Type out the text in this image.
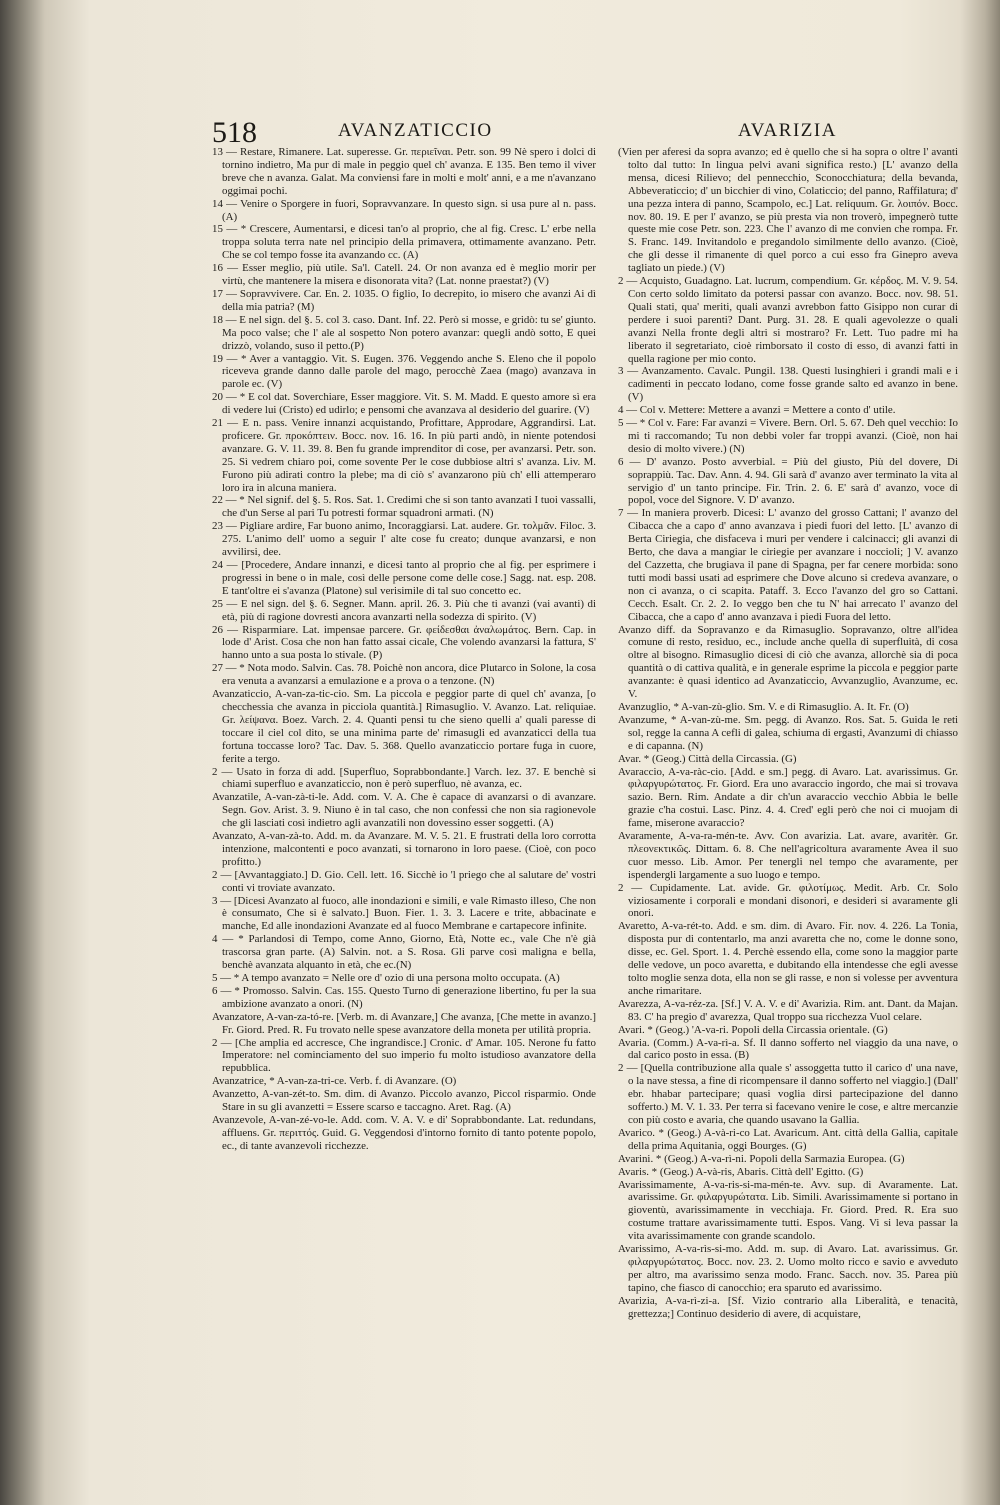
518	AVANZATICCIO	AVARIZIA

13 — Restare, Rimanere. Lat. superesse. Gr. περιεῖναι. Petr. son. 99 Nè spero i dolci di tornino indietro, Ma pur di male in peggio quel ch' avanza. E 135. Ben temo il viver breve che n avanza. Galat. Ma conviensi fare in molti e molt' anni, e a me n'avanzano oggimai pochi.

14 — Venire o Sporgere in fuori, Sopravvanzare. In questo sign. si usa pure al n. pass. (A)

15 — * Crescere, Aumentarsi, e dicesi tan'o al proprio, che al fig. Cresc. L' erbe nella troppa soluta terra nate nel principio della primavera, ottimamente avanzano. Petr. Che se col tempo fosse ita avanzando cc. (A)

16 — Esser meglio, più utile. Sa'l. Catell. 24. Or non avanza ed è meglio morir per virtù, che mantenere la misera e disonorata vita? (Lat. nonne praestat?) (V)

17 — Sopravvivere. Car. En. 2. 1035. O figlio, Io decrepito, io misero che avanzi Ai dì della mia patria? (M)

18 — E nel sign. del §. 5. col 3. caso. Dant. Inf. 22. Però si mosse, e gridò: tu se' giunto. Ma poco valse; che l' ale al sospetto Non potero avanzar: quegli andò sotto, E quei drizzò, volando, suso il petto.(P)

19 — * Aver a vantaggio. Vit. S. Eugen. 376. Veggendo anche S. Eleno che il popolo riceveva grande danno dalle parole del mago, perocchè Zaea (mago) avanzava in parole ec. (V)

20 — * E col dat. Soverchiare, Esser maggiore. Vit. S. M. Madd. E questo amore sì era di vedere lui (Cristo) ed udirlo; e pensomi che avanzava al desiderio del guarire. (V)

21 — E n. pass. Venire innanzi acquistando, Profittare, Approdare, Aggrandirsi. Lat. proficere. Gr. προκόπτειν. Bocc. nov. 16. 16. In più parti andò, in niente potendosi avanzare. G. V. 11. 39. 8. Ben fu grande imprenditor di cose, per avanzarsi. Petr. son. 25. Sì vedrem chiaro poi, come sovente Per le cose dubbiose altri s' avanza. Liv. M. Furono più adirati contro la plebe; ma di ciò s' avanzarono più ch' elli attemperaro loro ira in alcuna maniera.

22 — * Nel signif. del §. 5. Ros. Sat. 1. Credimi che si son tanto avanzati I tuoi vassalli, che d'un Serse al pari Tu potresti formar squadroni armati. (N)

23 — Pigliare ardire, Far buono animo, Incoraggiarsi. Lat. audere. Gr. τολμᾶν. Filoc. 3. 275. L'animo dell' uomo a seguir l' alte cose fu creato; dunque avanzarsi, e non avvilirsi, dee.

24 — [Procedere, Andare innanzi, e dicesi tanto al proprio che al fig. per esprimere i progressi in bene o in male, così delle persone come delle cose.] Sagg. nat. esp. 208. E tant'oltre ei s'avanza (Platone) sul verisimile di tal suo concetto ec.

25 — E nel sign. del §. 6. Segner. Mann. april. 26. 3. Più che ti avanzi (vai avanti) di età, più di ragione dovresti ancora avanzarti nella sodezza di spirito. (V)

26 — Risparmiare. Lat. impensae parcere. Gr. φείδεσθαι ἀναλωμάτος. Bern. Cap. in lode d' Arist. Cosa che non han fatto assai cicale, Che volendo avanzarsi la fattura, S' hanno unto a sua posta lo stivale. (P)

27 — * Nota modo. Salvin. Cas. 78. Poichè non ancora, dice Plutarco in Solone, la cosa era venuta a avanzarsi a emulazione e a prova o a tenzone. (N)

Avanzaticcio, A-van-za-tic-cio. Sm. La piccola e peggior parte di quel ch' avanza, [o checchessia che avanza in picciola quantità.] Rimasuglio. V. Avanzo. Lat. reliquiae. Gr. λείψανα. Boez. Varch. 2. 4. Quanti pensi tu che sieno quelli a' quali paresse di toccare il ciel col dito, se una minima parte de' rimasugli ed avanzaticci della tua fortuna toccasse loro? Tac. Dav. 5. 368. Quello avanzaticcio portare fuga in cuore, ferite a tergo.

2 — Usato in forza di add. [Superfluo, Soprabbondante.] Varch. lez. 37. E benchè si chiami superfluo e avanzaticcio, non è però superfluo, nè avanza, ec.

Avanzatile, A-van-zà-ti-le. Add. com. V. A. Che è capace di avanzarsi o di avanzare. Segn. Gov. Arist. 3. 9. Niuno è in tal caso, che non confessi che non sia ragionevole che gli lasciati così indietro agli avanzatili non dovessino esser soggetti. (A)

Avanzato, A-van-zà-to. Add. m. da Avanzare. M. V. 5. 21. E frustrati della loro corrotta intenzione, malcontenti e poco avanzati, si tornarono in loro paese. (Cioè, con poco profitto.)

2 — [Avvantaggiato.] D. Gio. Cell. lett. 16. Sicchè io 'l priego che al salutare de' vostri conti vi troviate avanzato.

3 — [Dicesi Avanzato al fuoco, alle inondazioni e simili, e vale Rimasto illeso, Che non è consumato, Che si è salvato.] Buon. Fier. 1. 3. 3. Lacere e trite, abbacinate e manche, Ed alle inondazioni Avanzate ed al fuoco Membrane e cartapecore infinite.

4 — * Parlandosi di Tempo, come Anno, Giorno, Età, Notte ec., vale Che n'è già trascorsa gran parte. (A) Salvin. not. a S. Rosa. Gli parve così maligna e bella, benchè avanzata alquanto in età, che ec.(N)

5 — * A tempo avanzato = Nelle ore d' ozio di una persona molto occupata. (A)

6 — * Promosso. Salvin. Cas. 155. Questo Turno di generazione libertino, fu per la sua ambizione avanzato a onori. (N)

Avanzatore, A-van-za-tó-re. [Verb. m. di Avanzare,] Che avanza, [Che mette in avanzo.] Fr. Giord. Pred. R. Fu trovato nelle spese avanzatore della moneta per utilità propria.

2 — [Che amplia ed accresce, Che ingrandisce.] Cronic. d' Amar. 105. Nerone fu fatto Imperatore: nel cominciamento del suo imperio fu molto istudioso avanzatore della repubblica.

Avanzatrice, * A-van-za-tri-ce. Verb. f. di Avanzare. (O)

Avanzetto, A-van-zét-to. Sm. dim. di Avanzo. Piccolo avanzo, Piccol risparmio. Onde Stare in su gli avanzetti = Essere scarso e taccagno. Aret. Rag. (A)

Avanzevole, A-van-zé-vo-le. Add. com. V. A. V. e di' Soprabbondante. Lat. redundans, affluens. Gr. περιττός. Guid. G. Veggendosi d'intorno fornito di tanto potente popolo, ec., di tante avanzevoli ricchezze.

(Vien per aferesi da sopra avanzo; ed è quello che si ha sopra o oltre l' avanti tolto dal tutto: In lingua pelvi avani significa resto.) [L' avanzo della mensa, dicesi Rilievo; del pennecchio, Sconocchiatura; della bevanda, Abbeveraticcio; d' un bicchier di vino, Colaticcio; del panno, Raffilatura; d' una pezza intera di panno, Scampolo, ec.] Lat. reliquum. Gr. λοιπόν. Bocc. nov. 80. 19. E per l' avanzo, se più presta via non troverò, impegnerò tutte queste mie cose Petr. son. 223. Che l' avanzo di me convien che rompa. Fr. S. Franc. 149. Invitandolo e pregandolo similmente dello avanzo. (Cioè, che gli desse il rimanente di quel porco a cui esso fra Ginepro aveva tagliato un piede.) (V)

2 — Acquisto, Guadagno. Lat. lucrum, compendium. Gr. κέρδος. M. V. 9. 54. Con certo soldo limitato da potersi passar con avanzo. Bocc. nov. 98. 51. Quali stati, qua' meriti, quali avanzi avrebbon fatto Gisippo non curar di perdere i suoi parenti? Dant. Purg. 31. 28. E quali agevolezze o quali avanzi Nella fronte degli altri si mostraro? Fr. Lett. Tuo padre mi ha liberato il segretariato, cioè rimborsato il costo di esso, di avanzi fatti in quella ragione per mio conto.

3 — Avanzamento. Cavalc. Pungil. 138. Questi lusinghieri i grandi mali e i cadimenti in peccato lodano, come fosse grande salto ed avanzo in bene. (V)

4 — Col v. Mettere: Mettere a avanzi = Mettere a conto d' utile.

5 — * Col v. Fare: Far avanzi = Vivere. Bern. Orl. 5. 67. Deh quel vecchio: Io mi ti raccomando; Tu non debbi voler far troppi avanzi. (Cioè, non hai desio di molto vivere.) (N)

6 — D' avanzo. Posto avverbial. = Più del giusto, Più del dovere, Di soprappiù. Tac. Dav. Ann. 4. 94. Gli sarà d' avanzo aver terminato la vita al servigio d' un tanto principe. Fir. Trin. 2. 6. E' sarà d' avanzo, voce di popol, voce del Signore. V. D' avanzo.

7 — In maniera proverb. Dicesi: L' avanzo del grosso Cattani; l' avanzo del Cibacca che a capo d' anno avanzava i piedi fuori del letto. [L' avanzo di Berta Ciriegia, che disfaceva i muri per vendere i calcinacci; gli avanzi di Berto, che dava a mangiar le ciriegie per avanzare i noccioli; ] V. avanzo del Cazzetta, che brugiava il pane di Spagna, per far cenere morbida: sono tutti modi bassi usati ad esprimere che Dove alcuno si credeva avanzare, o non ci avanza, o ci scapita. Pataff. 3. Ecco l'avanzo del gro so Cattani. Cecch. Esalt. Cr. 2. 2. Io veggo ben che tu N' hai arrecato l' avanzo del Cibacca, che a capo d' anno avanzava i piedi Fuora del letto.

Avanzo diff. da Sopravanzo e da Rimasuglio. Sopravanzo, oltre all'idea comune di resto, residuo, ec., include anche quella di superfluità, di cosa oltre al bisogno. Rimasuglio dicesi di ciò che avanza, allorchè sia di poca quantità o di cattiva qualità, e in generale esprime la piccola e peggior parte avanzante: è quasi identico ad Avanzaticcio, Avvanzuglio, Avanzume, ec. V.

Avanzuglio, * A-van-zù-glio. Sm. V. e di Rimasuglio. A. It. Fr. (O)

Avanzume, * A-van-zù-me. Sm. pegg. di Avanzo. Ros. Sat. 5. Guida le reti sol, regge la canna A cefli di galea, schiuma di ergasti, Avanzumi di chiasso e di capanna. (N)

Avar. * (Geog.) Città della Circassia. (G)

Avaraccio, A-va-ràc-cio. [Add. e sm.] pegg. di Avaro. Lat. avarissimus. Gr. φιλαργυρώτατος. Fr. Giord. Era uno avaraccio ingordo, che mai si trovava sazio. Bern. Rim. Andate a dir ch'un avaraccio vecchio Abbia le belle grazie c'ha costui. Lasc. Pinz. 4. 4. Cred' egli però che noi ci muojam di fame, miserone avaraccio?

Avaramente, A-va-ra-mén-te. Avv. Con avarizia. Lat. avare, avaritèr. Gr. πλεονεκτικῶς. Dittam. 6. 8. Che nell'agricoltura avaramente Avea il suo cuor messo. Lib. Amor. Per tenergli nel tempo che avaramente, per ispendergli largamente a suo luogo e tempo.

2 — Cupidamente. Lat. avide. Gr. φιλοτίμως. Medit. Arb. Cr. Solo viziosamente i corporali e mondani disonori, e desideri si avaramente gli onori.

Avaretto, A-va-rét-to. Add. e sm. dim. di Avaro. Fir. nov. 4. 226. La Tonia, disposta pur di contentarlo, ma anzi avaretta che no, come le donne sono, disse, ec. Gel. Sport. 1. 4. Perchè essendo ella, come sono la maggior parte delle vedove, un poco avaretta, e dubitando ella intendesse che egli avesse tolto moglie senza dota, ella non se gli rasse, e non si volesse per avventura anche rimaritare.

Avarezza, A-va-réz-za. [Sf.] V. A. V. e di' Avarizia. Rim. ant. Dant. da Majan. 83. C' ha pregio d' avarezza, Qual troppo sua ricchezza Vuol celare.

Avari. * (Geog.) 'A-va-ri. Popoli della Circassia orientale. (G)

Avaria. (Comm.) A-va-rì-a. Sf. Il danno sofferto nel viaggio da una nave, o dal carico posto in essa. (B)

2 — [Quella contribuzione alla quale s' assoggetta tutto il carico d' una nave, o la nave stessa, a fine di ricompensare il danno sofferto nel viaggio.] (Dall' ebr. hhabar partecipare; quasi voglia dirsi partecipazione del danno sofferto.) M. V. 1. 33. Per terra si facevano venire le cose, e altre mercanzie con più costo e avaria, che quando usavano la Gallia.

Avarico. * (Geog.) A-và-ri-co Lat. Avaricum. Ant. città della Gallia, capitale della prima Aquitania, oggi Bourges. (G)

Avarini. * (Geog.) A-va-rì-ni. Popoli della Sarmazia Europea. (G)

Avaris. * (Geog.) A-và-ris, Abaris. Città dell' Egitto. (G)

Avarissimamente, A-va-ris-si-ma-mén-te. Avv. sup. di Avaramente. Lat. avarissime. Gr. φιλαργυρώτατα. Lib. Simili. Avarissimamente si portano in gioventù, avarissimamente in vecchiaja. Fr. Giord. Pred. R. Era suo costume trattare avarissimamente tutti. Espos. Vang. Vi si leva passar la vita avarissimamente con grande scandolo.

Avarissimo, A-va-rìs-si-mo. Add. m. sup. di Avaro. Lat. avarissimus. Gr. φιλαργυρώτατος. Bocc. nov. 23. 2. Uomo molto ricco e savio e avveduto per altro, ma avarissimo senza modo. Franc. Sacch. nov. 35. Parea più tapino, che fiasco di canocchio; era sparuto ed avarissimo.

Avarizia, A-va-rì-zi-a. [Sf. Vizio contrario alla Liberalità, e tenacità, grettezza;] Continuo desiderio di avere, di acquistare,
